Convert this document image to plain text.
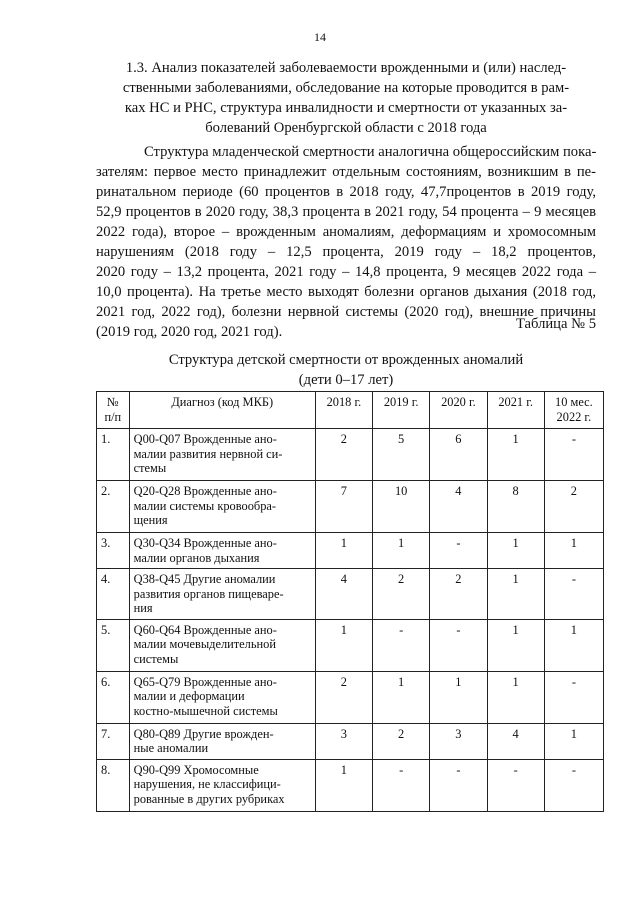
14
1.3. Анализ показателей заболеваемости врожденными и (или) наслед-
ственными заболеваниями, обследование на которые проводится в рам-
ках НС и РНС, структура инвалидности и смертности от указанных за-
болеваний Оренбургской области с 2018 года
Структура младенческой смертности аналогична общероссийским пока-
зателям: первое место принадлежит отдельным состояниям, возникшим в пе-
ринатальном периоде (60 процентов в 2018 году, 47,7процентов в 2019 году,
52,9 процентов в 2020 году, 38,3 процента в 2021 году, 54 процента – 9 месяцев
2022 года), второе – врожденным аномалиям, деформациям и хромосомным
нарушениям (2018 году – 12,5 процента, 2019 году – 18,2 процентов,
2020 году – 13,2 процента, 2021 году – 14,8 процента, 9 месяцев 2022 года –
10,0 процента). На третье место выходят болезни органов дыхания (2018 год,
2021 год, 2022 год), болезни нервной системы (2020 год), внешние причины
(2019 год, 2020 год, 2021 год).	Таблица № 5
Структура детской смертности от врожденных аномалий
(дети 0–17 лет)
№
п/п	Диагноз (код МКБ)	2018 г.	2019 г.	2020 г.	2021 г.	10 мес.
2022 г.
1.	Q00-Q07 Врожденные ано-
малии развития нервной си-
стемы	2	5	6	1	-
2.	Q20-Q28 Врожденные ано-
малии системы кровообра-
щения	7	10	4	8	2
3.	Q30-Q34 Врожденные ано-
малии органов дыхания	1	1	-	1	1
4.	Q38-Q45 Другие аномалии
развития органов пищеваре-
ния	4	2	2	1	-
5.	Q60-Q64 Врожденные ано-
малии мочевыделительной
системы	1	-	-	1	1
6.	Q65-Q79 Врожденные ано-
малии и деформации
костно-мышечной системы	2	1	1	1	-
7.	Q80-Q89 Другие врожден-
ные аномалии	3	2	3	4	1
8.	Q90-Q99 Хромосомные
нарушения, не классифици-
рованные в других рубриках	1	-	-	-	-
